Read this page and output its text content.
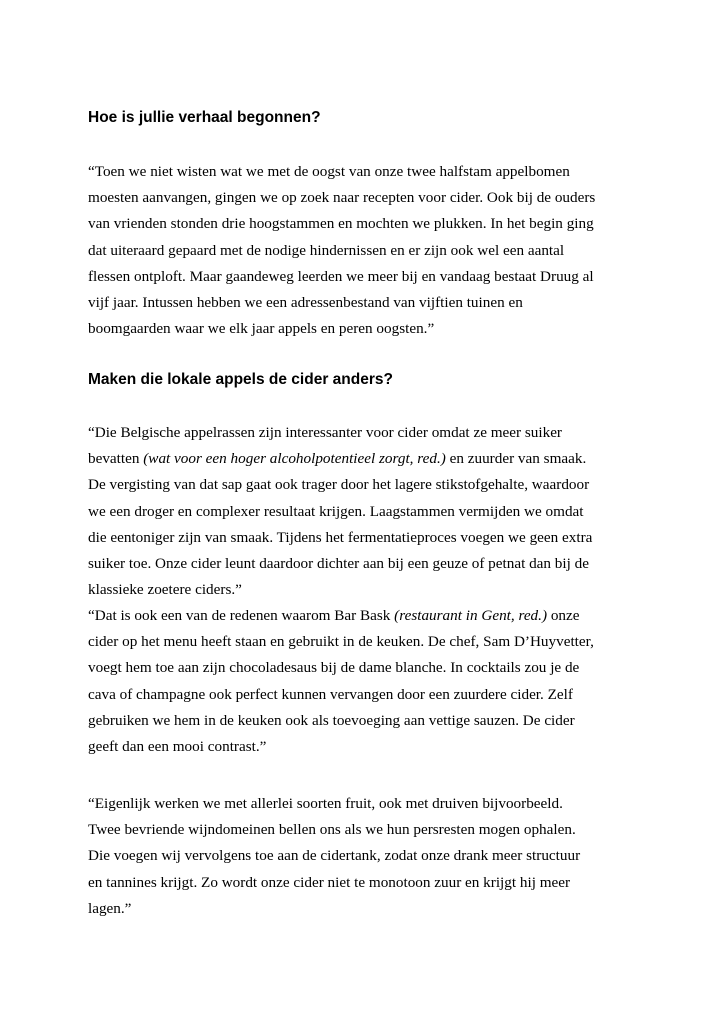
Hoe is jullie verhaal begonnen?

“Toen we niet wisten wat we met de oogst van onze twee halfstam appelbomen
moesten aanvangen, gingen we op zoek naar recepten voor cider. Ook bij de ouders
van vrienden stonden drie hoogstammen en mochten we plukken. In het begin ging
dat uiteraard gepaard met de nodige hindernissen en er zijn ook wel een aantal
flessen ontploft. Maar gaandeweg leerden we meer bij en vandaag bestaat Druug al
vijf jaar. Intussen hebben we een adressenbestand van vijftien tuinen en
boomgaarden waar we elk jaar appels en peren oogsten.”

Maken die lokale appels de cider anders?

“Die Belgische appelrassen zijn interessanter voor cider omdat ze meer suiker
bevatten (wat voor een hoger alcoholpotentieel zorgt, red.) en zuurder van smaak.
De vergisting van dat sap gaat ook trager door het lagere stikstofgehalte, waardoor
we een droger en complexer resultaat krijgen. Laagstammen vermijden we omdat
die eentoniger zijn van smaak. Tijdens het fermentatieproces voegen we geen extra
suiker toe. Onze cider leunt daardoor dichter aan bij een geuze of petnat dan bij de
klassieke zoetere ciders.”

“Dat is ook een van de redenen waarom Bar Bask (restaurant in Gent, red.) onze
cider op het menu heeft staan en gebruikt in de keuken. De chef, Sam D’Huyvetter,
voegt hem toe aan zijn chocoladesaus bij de dame blanche. In cocktails zou je de
cava of champagne ook perfect kunnen vervangen door een zuurdere cider. Zelf
gebruiken we hem in de keuken ook als toevoeging aan vettige sauzen. De cider
geeft dan een mooi contrast.”

“Eigenlijk werken we met allerlei soorten fruit, ook met druiven bijvoorbeeld.
Twee bevriende wijndomeinen bellen ons als we hun persresten mogen ophalen.
Die voegen wij vervolgens toe aan de cidertank, zodat onze drank meer structuur
en tannines krijgt. Zo wordt onze cider niet te monotoon zuur en krijgt hij meer
lagen.”
